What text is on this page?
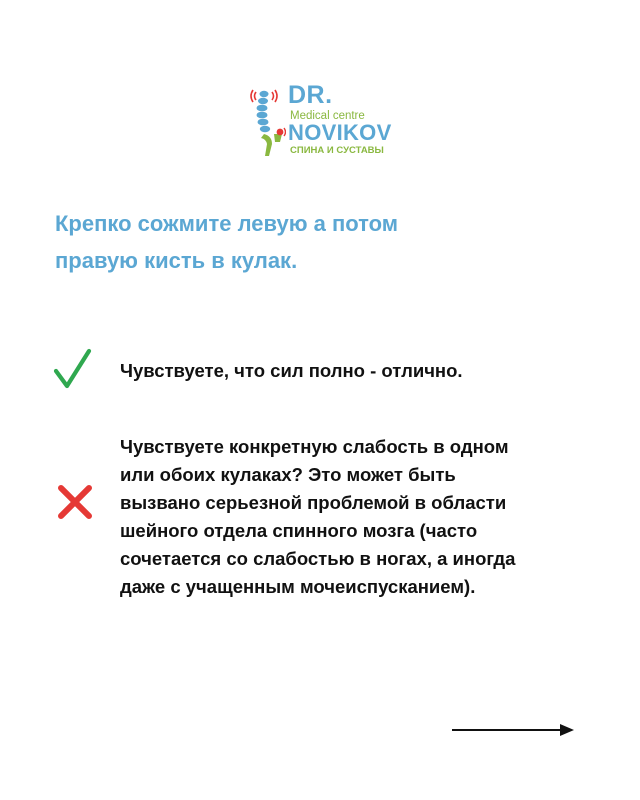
DR.
Medical centre
NOVIKOV
СПИНА И СУСТАВЫ
Крепко сожмите левую а потом
правую кисть в кулак.

Чувствуете, что сил полно - отлично.

Чувствуете конкретную слабость в одном
или обоих кулаках? Это может быть
вызвано серьезной проблемой в области
шейного отдела спинного мозга (часто
сочетается со слабостью в ногах, а иногда
даже с учащенным мочеиспусканием).
